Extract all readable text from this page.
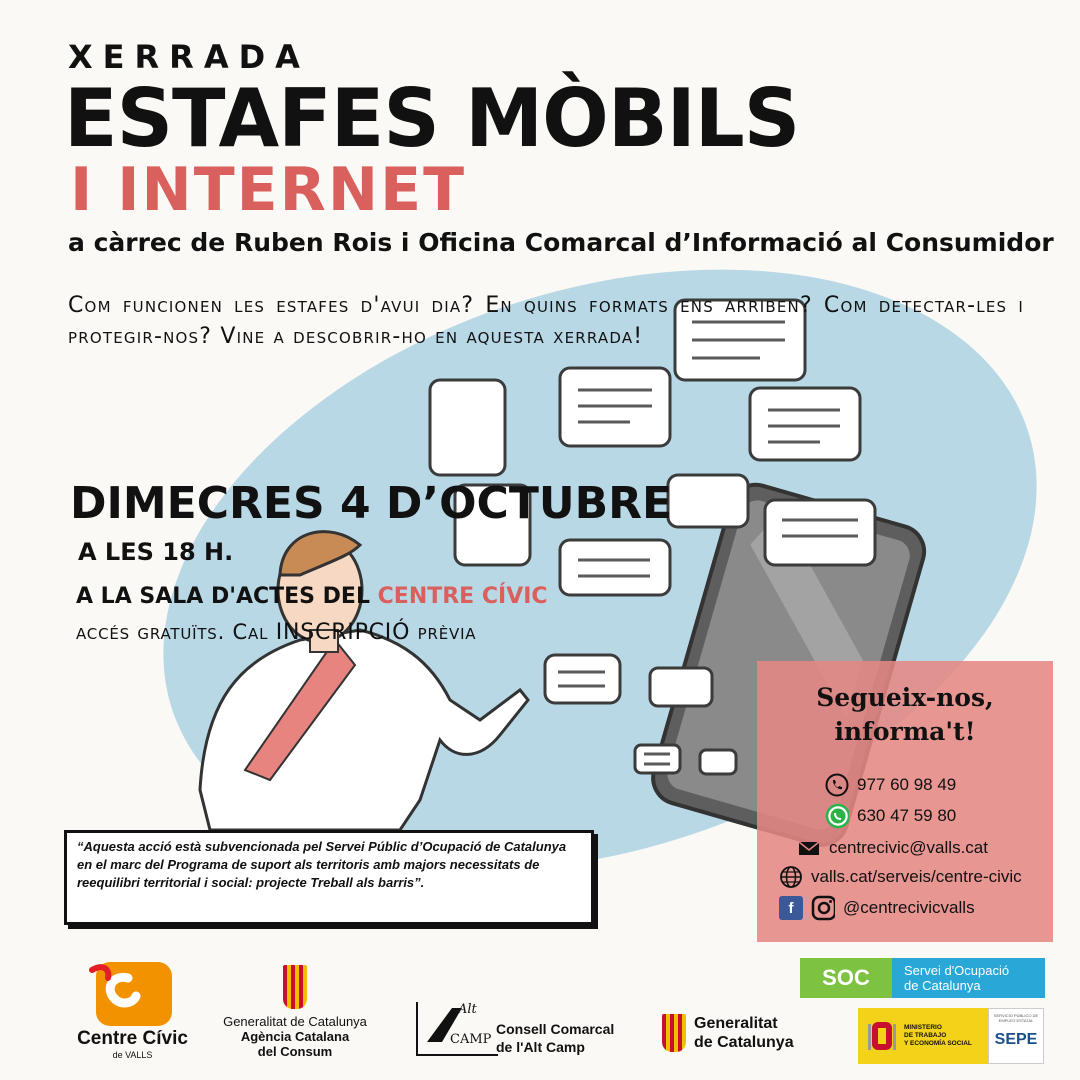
XERRADA
ESTAFES MÒBILS
I INTERNET
a càrrec de Ruben Rois i Oficina Comarcal d’Informació al Consumidor
Com funcionen les estafes d'avui dia? En quins formats ens arriben? Com detectar-les i protegir-nos? Vine a descobrir-ho en aquesta xerrada!
DIMECRES 4 D’OCTUBRE
A LES 18 H.
A LA SALA D'ACTES DEL CENTRE CÍVIC
accés gratuïts. Cal INSCRIPCIÓ prèvia
Segueix-nos,
informa't!
977 60 98 49
630 47 59 80
centrecivic@valls.cat
valls.cat/serveis/centre-civic
f	@centrecivicvalls
“Aquesta acció està subvencionada pel Servei Públic d’Ocupació de Catalunya en el marc del Programa de suport als territoris amb majors necessitats de reequilibri territorial i social: projecte Treball als barris”.
Centre Cívic
de VALLS
Generalitat de Catalunya
Agència Catalana
del Consum
Alt
CAMP
Consell Comarcal
de l'Alt Camp
Generalitat
de Catalunya
SOC	Servei d'Ocupació
de Catalunya
MINISTERIO
DE TRABAJO
Y ECONOMÍA SOCIAL
SERVICIO PÚBLICO DE EMPLEO ESTATAL
SEPE
